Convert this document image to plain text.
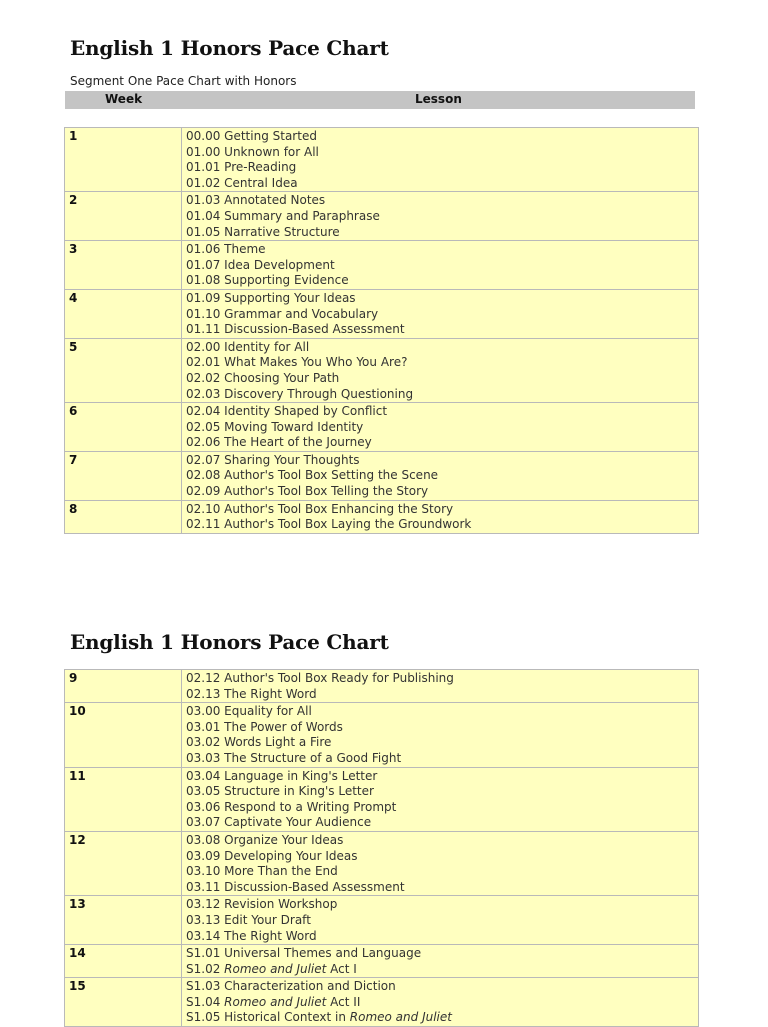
English 1 Honors Pace Chart
Segment One Pace Chart with Honors
Week	Lesson
1	00.00 Getting Started
01.00 Unknown for All
01.01 Pre-Reading
01.02 Central Idea

2	01.03 Annotated Notes
01.04 Summary and Paraphrase
01.05 Narrative Structure

3	01.06 Theme
01.07 Idea Development
01.08 Supporting Evidence

4	01.09 Supporting Your Ideas
01.10 Grammar and Vocabulary
01.11 Discussion-Based Assessment

5	02.00 Identity for All
02.01 What Makes You Who You Are?
02.02 Choosing Your Path
02.03 Discovery Through Questioning

6	02.04 Identity Shaped by Conflict
02.05 Moving Toward Identity
02.06 The Heart of the Journey

7	02.07 Sharing Your Thoughts
02.08 Author's Tool Box Setting the Scene
02.09 Author's Tool Box Telling the Story

8	02.10 Author's Tool Box Enhancing the Story
02.11 Author's Tool Box Laying the Groundwork
English 1 Honors Pace Chart
9	02.12 Author's Tool Box Ready for Publishing
02.13 The Right Word

10	03.00 Equality for All
03.01 The Power of Words
03.02 Words Light a Fire
03.03 The Structure of a Good Fight

11	03.04 Language in King's Letter
03.05 Structure in King's Letter
03.06 Respond to a Writing Prompt
03.07 Captivate Your Audience

12	03.08 Organize Your Ideas
03.09 Developing Your Ideas
03.10 More Than the End
03.11 Discussion-Based Assessment

13	03.12 Revision Workshop
03.13 Edit Your Draft
03.14 The Right Word

14	S1.01 Universal Themes and Language
S1.02 Romeo and Juliet Act I

15	S1.03 Characterization and Diction
S1.04 Romeo and Juliet Act II
S1.05 Historical Context in Romeo and Juliet
